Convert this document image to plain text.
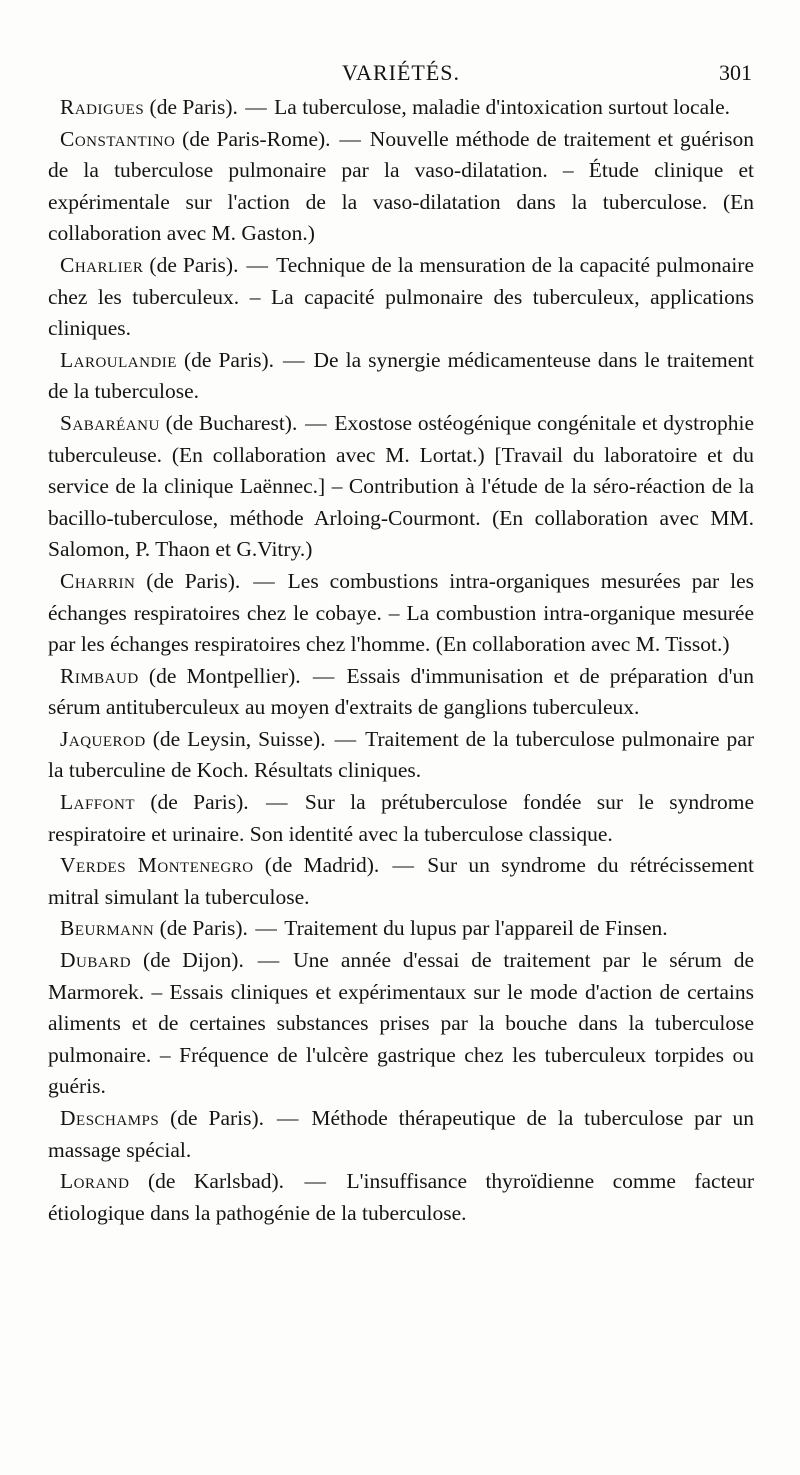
VARIÉTÉS.	301

Radigues (de Paris). — La tuberculose, maladie d'intoxication surtout locale.

Constantino (de Paris-Rome). — Nouvelle méthode de traitement et guérison de la tuberculose pulmonaire par la vaso-dilatation. – Étude clinique et expérimentale sur l'action de la vaso-dilatation dans la tuberculose. (En collaboration avec M. Gaston.)

Charlier (de Paris). — Technique de la mensuration de la capacité pulmonaire chez les tuberculeux. – La capacité pulmonaire des tuberculeux, applications cliniques.

Laroulandie (de Paris). — De la synergie médicamenteuse dans le traitement de la tuberculose.

Sabaréanu (de Bucharest). — Exostose ostéogénique congénitale et dystrophie tuberculeuse. (En collaboration avec M. Lortat.) [Travail du laboratoire et du service de la clinique Laënnec.] – Contribution à l'étude de la séro-réaction de la bacillo-tuberculose, méthode Arloing-Courmont. (En collaboration avec MM. Salomon, P. Thaon et G.Vitry.)

Charrin (de Paris). — Les combustions intra-organiques mesurées par les échanges respiratoires chez le cobaye. – La combustion intra-organique mesurée par les échanges respiratoires chez l'homme. (En collaboration avec M. Tissot.)

Rimbaud (de Montpellier). — Essais d'immunisation et de préparation d'un sérum antituberculeux au moyen d'extraits de ganglions tuberculeux.

Jaquerod (de Leysin, Suisse). — Traitement de la tuberculose pulmonaire par la tuberculine de Koch. Résultats cliniques.

Laffont (de Paris). — Sur la prétuberculose fondée sur le syndrome respiratoire et urinaire. Son identité avec la tuberculose classique.

Verdes Montenegro (de Madrid). — Sur un syndrome du rétrécissement mitral simulant la tuberculose.

Beurmann (de Paris). — Traitement du lupus par l'appareil de Finsen.

Dubard (de Dijon). — Une année d'essai de traitement par le sérum de Marmorek. – Essais cliniques et expérimentaux sur le mode d'action de certains aliments et de certaines substances prises par la bouche dans la tuberculose pulmonaire. – Fréquence de l'ulcère gastrique chez les tuberculeux torpides ou guéris.

Deschamps (de Paris). — Méthode thérapeutique de la tuberculose par un massage spécial.

Lorand (de Karlsbad). — L'insuffisance thyroïdienne comme facteur étiologique dans la pathogénie de la tuberculose.
